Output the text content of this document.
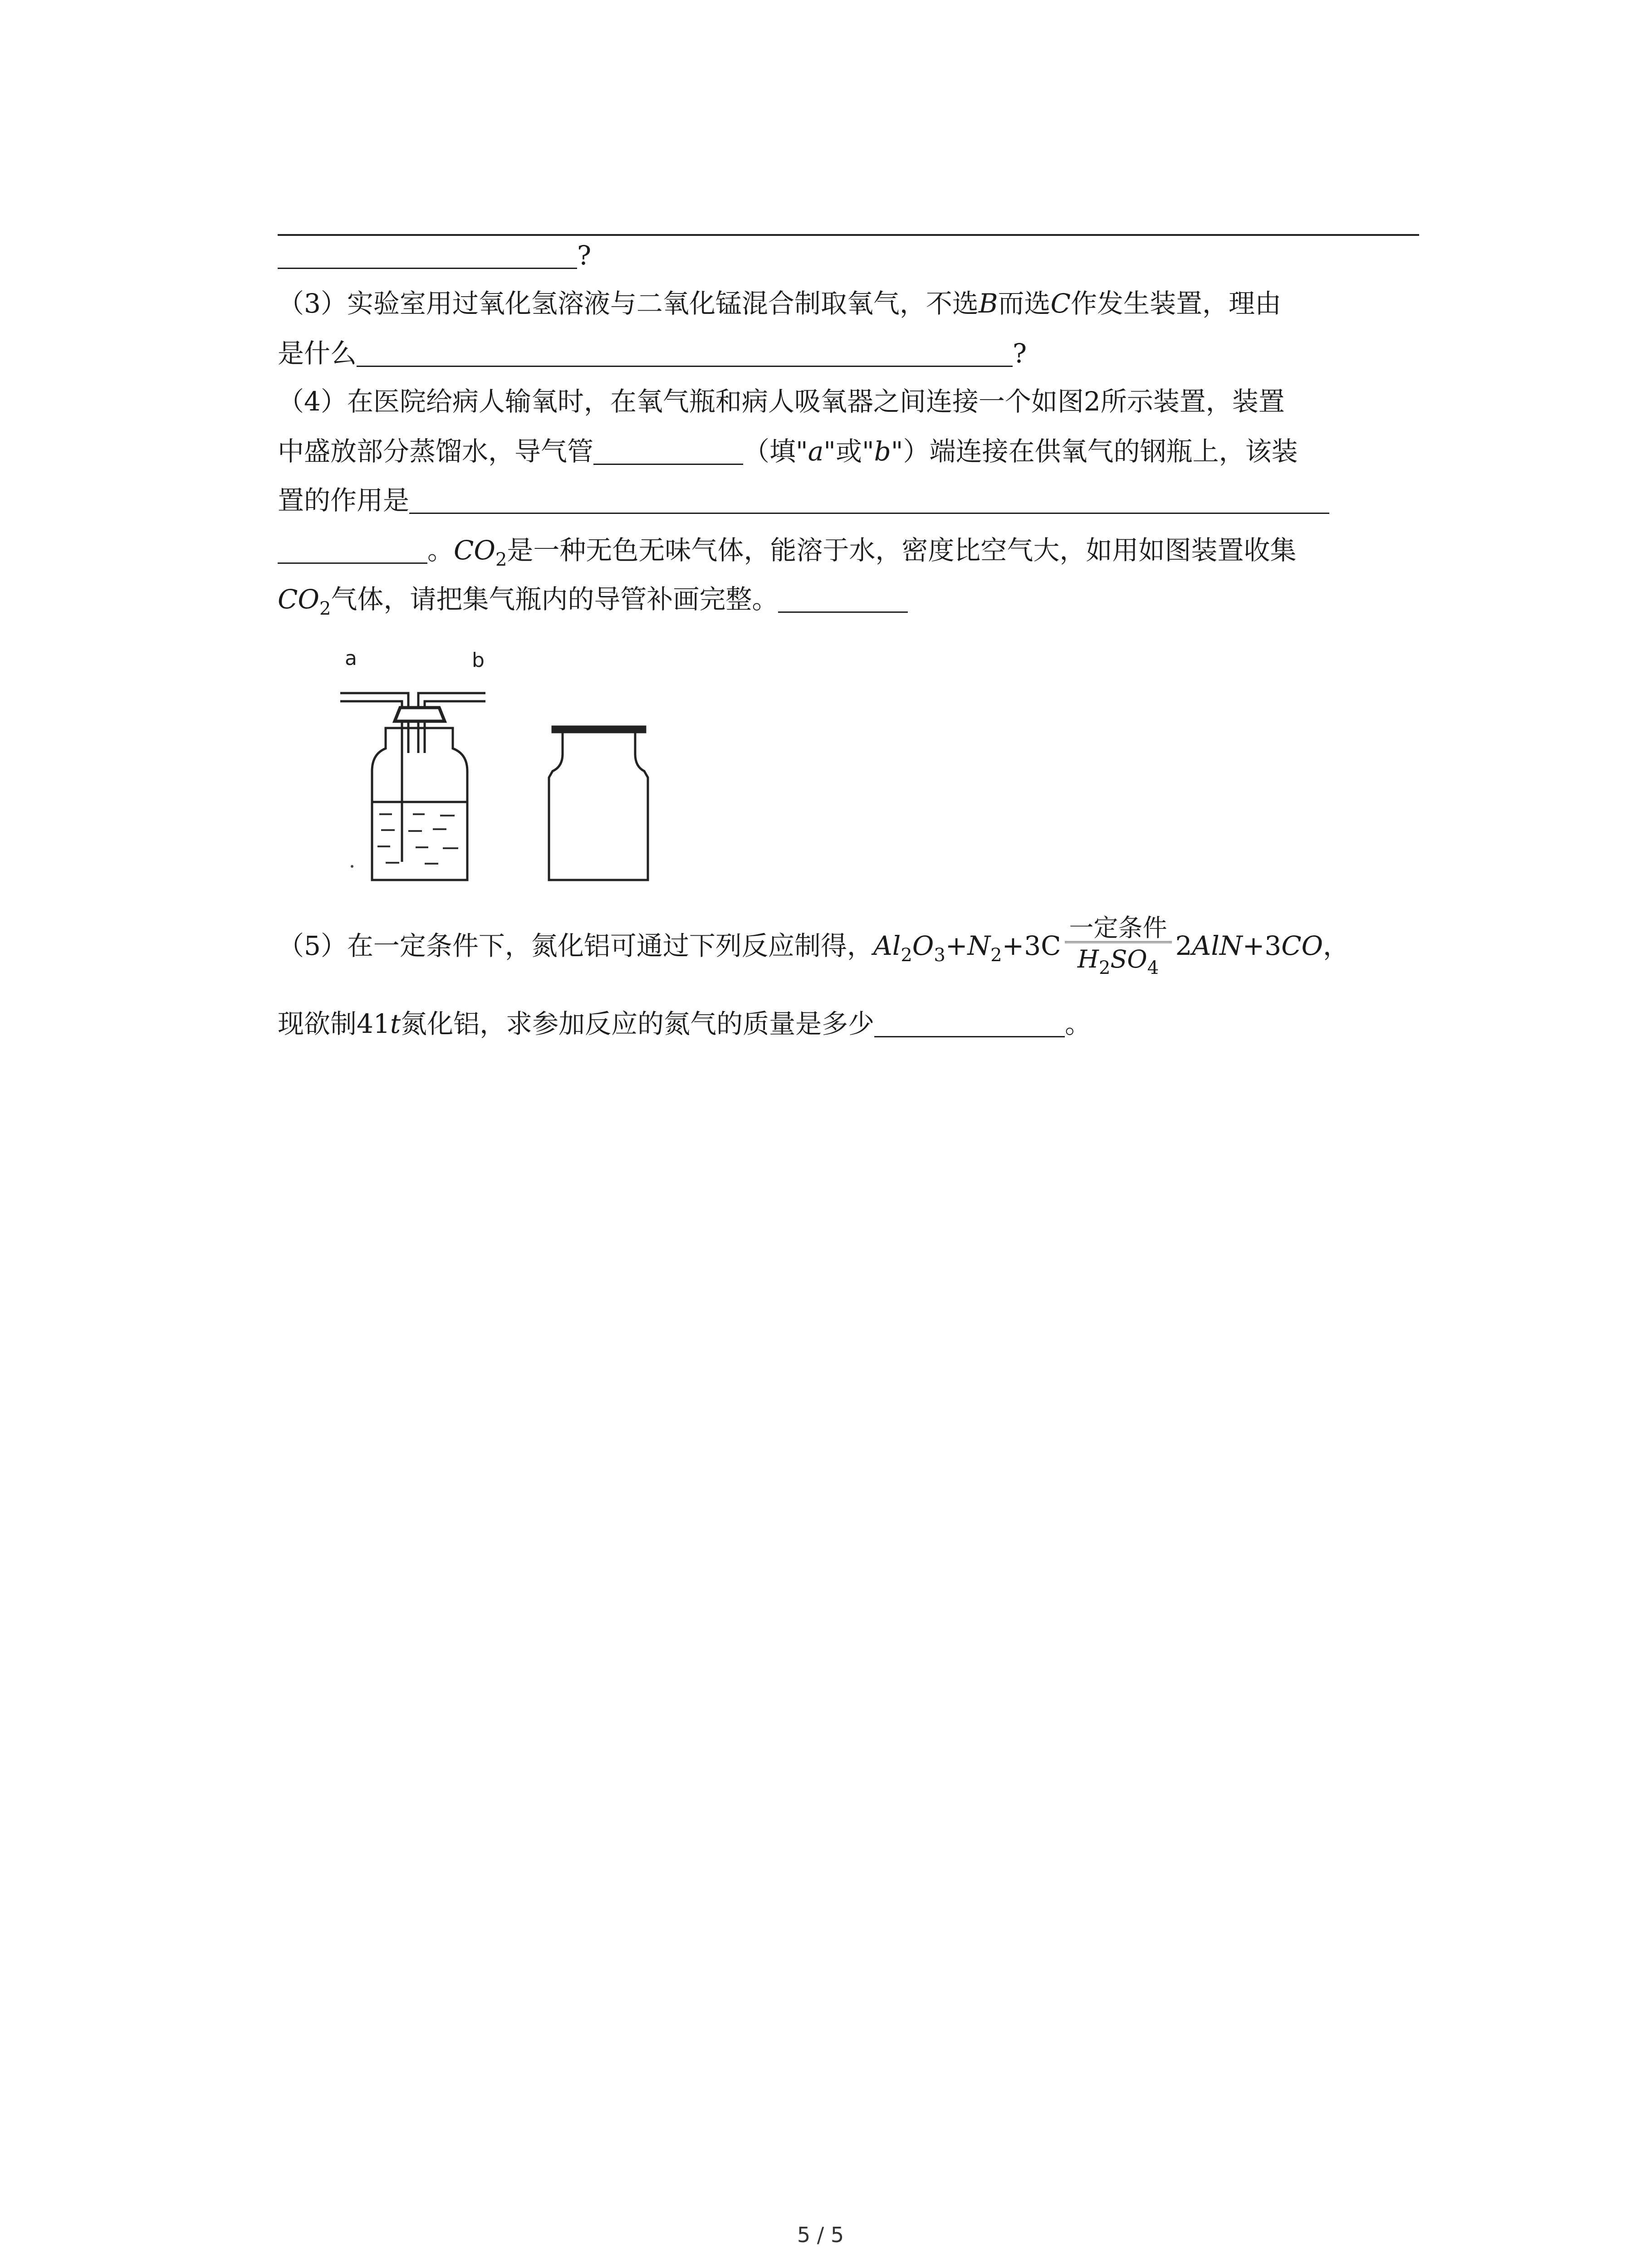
?
（3）实验室用过氧化氢溶液与二氧化锰混合制取氧气，不选B而选C作发生装置，理由
是什么	?
（4）在医院给病人输氧时，在氧气瓶和病人吸氧器之间连接一个如图2所示装置，装置
中盛放部分蒸馏水，导气管	（填"a"或"b"）端连接在供氧气的钢瓶上，该装
置的作用是
。$CO_2$是一种无色无味气体，能溶于水，密度比空气大，如用如图装置收集
$CO_2$气体，请把集气瓶内的导管补画完整。
a	b
（5）在一定条件下，氮化铝可通过下列反应制得，$Al_2O_3+N_2+3C \frac{\text{一定条件}}{H_2SO_4} 2AlN+3CO$，
现欲制41t氮化铝，求参加反应的氮气的质量是多少	。
5 / 5
